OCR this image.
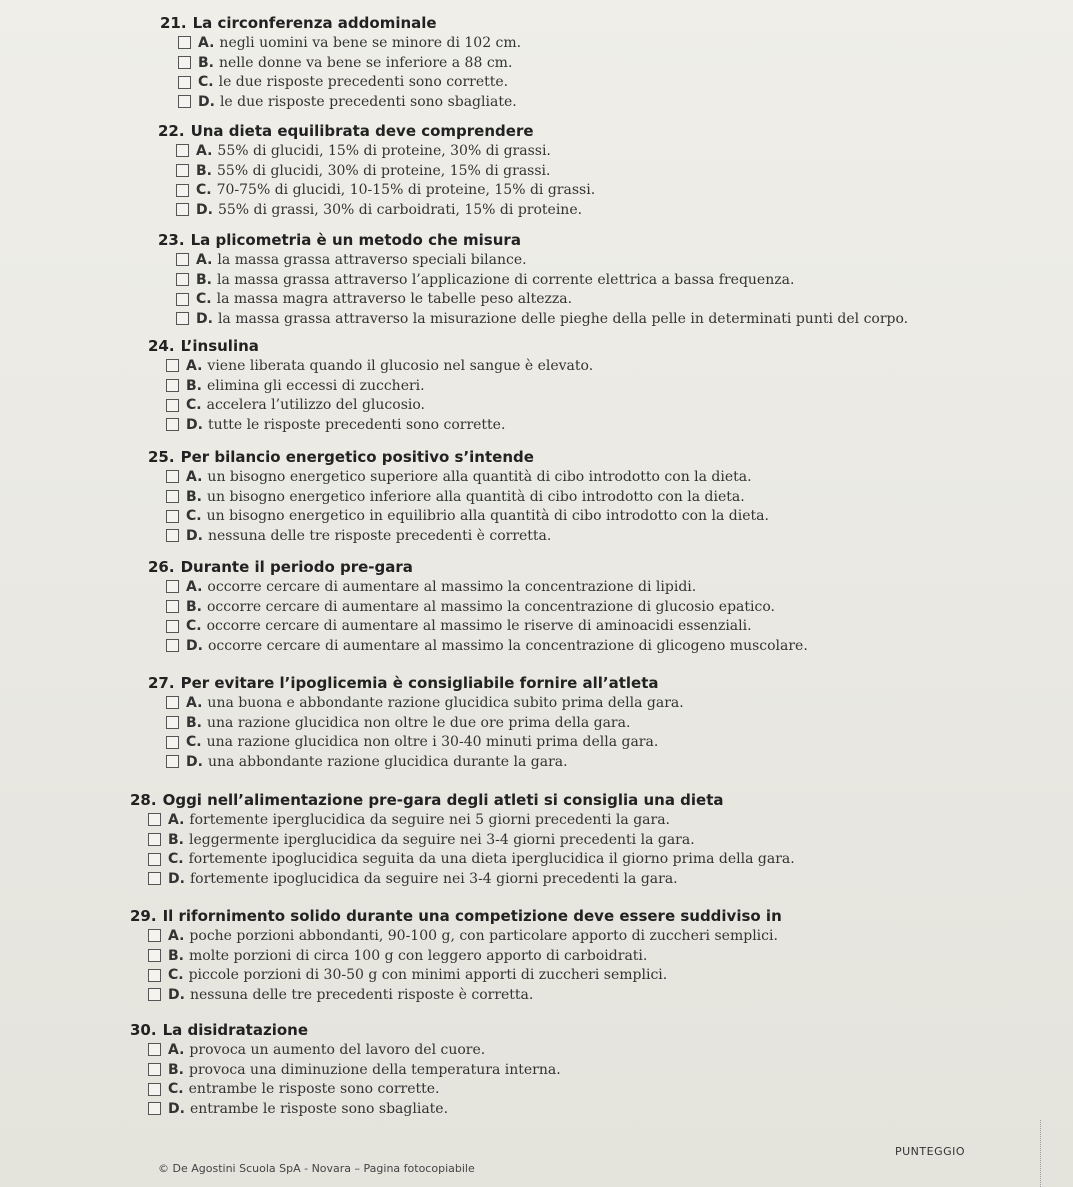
21. La circonferenza addominale
A. negli uomini va bene se minore di 102 cm.
B. nelle donne va bene se inferiore a 88 cm.
C. le due risposte precedenti sono corrette.
D. le due risposte precedenti sono sbagliate.
22. Una dieta equilibrata deve comprendere
A. 55% di glucidi, 15% di proteine, 30% di grassi.
B. 55% di glucidi, 30% di proteine, 15% di grassi.
C. 70-75% di glucidi, 10-15% di proteine, 15% di grassi.
D. 55% di grassi, 30% di carboidrati, 15% di proteine.
23. La plicometria è un metodo che misura
A. la massa grassa attraverso speciali bilance.
B. la massa grassa attraverso l’applicazione di corrente elettrica a bassa frequenza.
C. la massa magra attraverso le tabelle peso altezza.
D. la massa grassa attraverso la misurazione delle pieghe della pelle in determinati punti del corpo.
24. L’insulina
A. viene liberata quando il glucosio nel sangue è elevato.
B. elimina gli eccessi di zuccheri.
C. accelera l’utilizzo del glucosio.
D. tutte le risposte precedenti sono corrette.
25. Per bilancio energetico positivo s’intende
A. un bisogno energetico superiore alla quantità di cibo introdotto con la dieta.
B. un bisogno energetico inferiore alla quantità di cibo introdotto con la dieta.
C. un bisogno energetico in equilibrio alla quantità di cibo introdotto con la dieta.
D. nessuna delle tre risposte precedenti è corretta.
26. Durante il periodo pre-gara
A. occorre cercare di aumentare al massimo la concentrazione di lipidi.
B. occorre cercare di aumentare al massimo la concentrazione di glucosio epatico.
C. occorre cercare di aumentare al massimo le riserve di aminoacidi essenziali.
D. occorre cercare di aumentare al massimo la concentrazione di glicogeno muscolare.
27. Per evitare l’ipoglicemia è consigliabile fornire all’atleta
A. una buona e abbondante razione glucidica subito prima della gara.
B. una razione glucidica non oltre le due ore prima della gara.
C. una razione glucidica non oltre i 30-40 minuti prima della gara.
D. una abbondante razione glucidica durante la gara.
28. Oggi nell’alimentazione pre-gara degli atleti si consiglia una dieta
A. fortemente iperglucidica da seguire nei 5 giorni precedenti la gara.
B. leggermente iperglucidica da seguire nei 3-4 giorni precedenti la gara.
C. fortemente ipoglucidica seguita da una dieta iperglucidica il giorno prima della gara.
D. fortemente ipoglucidica da seguire nei 3-4 giorni precedenti la gara.
29. Il rifornimento solido durante una competizione deve essere suddiviso in
A. poche porzioni abbondanti, 90-100 g, con particolare apporto di zuccheri semplici.
B. molte porzioni di circa 100 g con leggero apporto di carboidrati.
C. piccole porzioni di 30-50 g con minimi apporti di zuccheri semplici.
D. nessuna delle tre precedenti risposte è corretta.
30. La disidratazione
A. provoca un aumento del lavoro del cuore.
B. provoca una diminuzione della temperatura interna.
C. entrambe le risposte sono corrette.
D. entrambe le risposte sono sbagliate.
PUNTEGGIO
© De Agostini Scuola SpA - Novara – Pagina fotocopiabile
